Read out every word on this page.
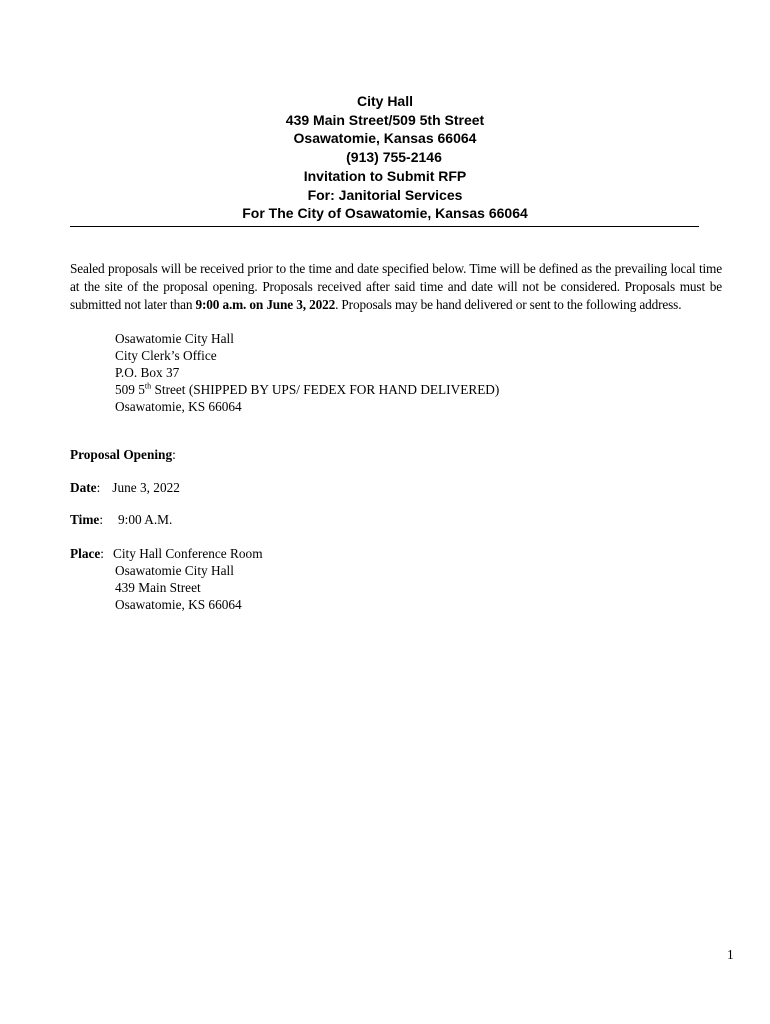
City Hall
439 Main Street/509 5th Street
Osawatomie, Kansas 66064
(913) 755-2146
Invitation to Submit RFP
For: Janitorial Services
For The City of Osawatomie, Kansas 66064
Sealed proposals will be received prior to the time and date specified below. Time will be defined as the prevailing local time at the site of the proposal opening. Proposals received after said time and date will not be considered. Proposals must be submitted not later than 9:00 a.m. on June 3, 2022. Proposals may be hand delivered or sent to the following address.
Osawatomie City Hall
City Clerk’s Office
P.O. Box 37
509 5th Street (SHIPPED BY UPS/ FEDEX FOR HAND DELIVERED)
Osawatomie, KS 66064
Proposal Opening:
Date: June 3, 2022
Time: 9:00 A.M.
Place: City Hall Conference Room
Osawatomie City Hall
439 Main Street
Osawatomie, KS 66064
1
